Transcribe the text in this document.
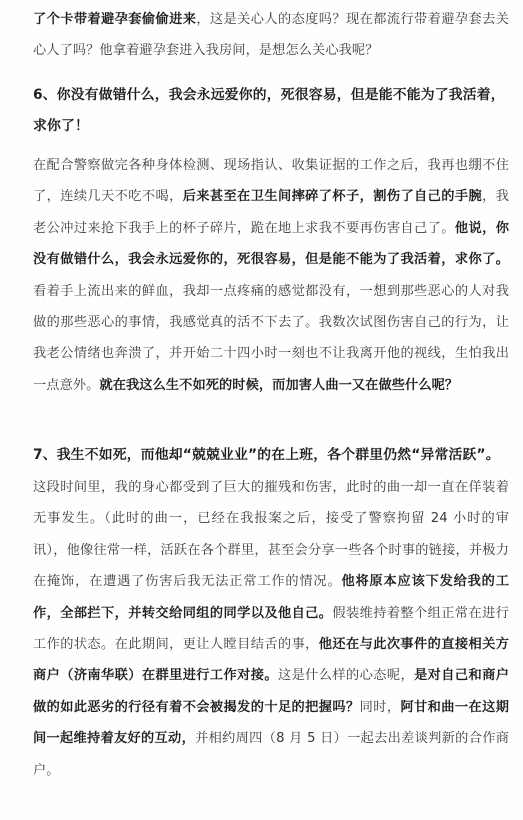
了个卡带着避孕套偷偷进来，这是关心人的态度吗？现在都流行带着避孕套去关心人了吗？他拿着避孕套进入我房间，是想怎么关心我呢？

6、你没有做错什么，我会永远爱你的，死很容易，但是能不能为了我活着，求你了！

在配合警察做完各种身体检测、现场指认、收集证据的工作之后，我再也绷不住了，连续几天不吃不喝，后来甚至在卫生间摔碎了杯子，割伤了自己的手腕，我老公冲过来抢下我手上的杯子碎片，跪在地上求我不要再伤害自己了。他说，你没有做错什么，我会永远爱你的，死很容易，但是能不能为了我活着，求你了。看着手上流出来的鲜血，我却一点疼痛的感觉都没有，一想到那些恶心的人对我做的那些恶心的事情，我感觉真的活不下去了。我数次试图伤害自己的行为，让我老公情绪也奔溃了，并开始二十四小时一刻也不让我离开他的视线，生怕我出一点意外。就在我这么生不如死的时候，而加害人曲一又在做些什么呢？

7、我生不如死，而他却“兢兢业业”的在上班，各个群里仍然“异常活跃”。

这段时间里，我的身心都受到了巨大的摧残和伤害，此时的曲一却一直在佯装着无事发生。（此时的曲一，已经在我报案之后，接受了警察拘留 24 小时的审讯），他像往常一样，活跃在各个群里，甚至会分享一些各个时事的链接，并极力在掩饰，在遭遇了伤害后我无法正常工作的情况。他将原本应该下发给我的工作，全部拦下，并转交给同组的同学以及他自己。假装维持着整个组正常在进行工作的状态。在此期间，更让人瞠目结舌的事，他还在与此次事件的直接相关方商户（济南华联）在群里进行工作对接。这是什么样的心态呢，是对自己和商户做的如此恶劣的行径有着不会被揭发的十足的把握吗？同时，阿甘和曲一在这期间一起维持着友好的互动，并相约周四（8 月 5 日）一起去出差谈判新的合作商户。
